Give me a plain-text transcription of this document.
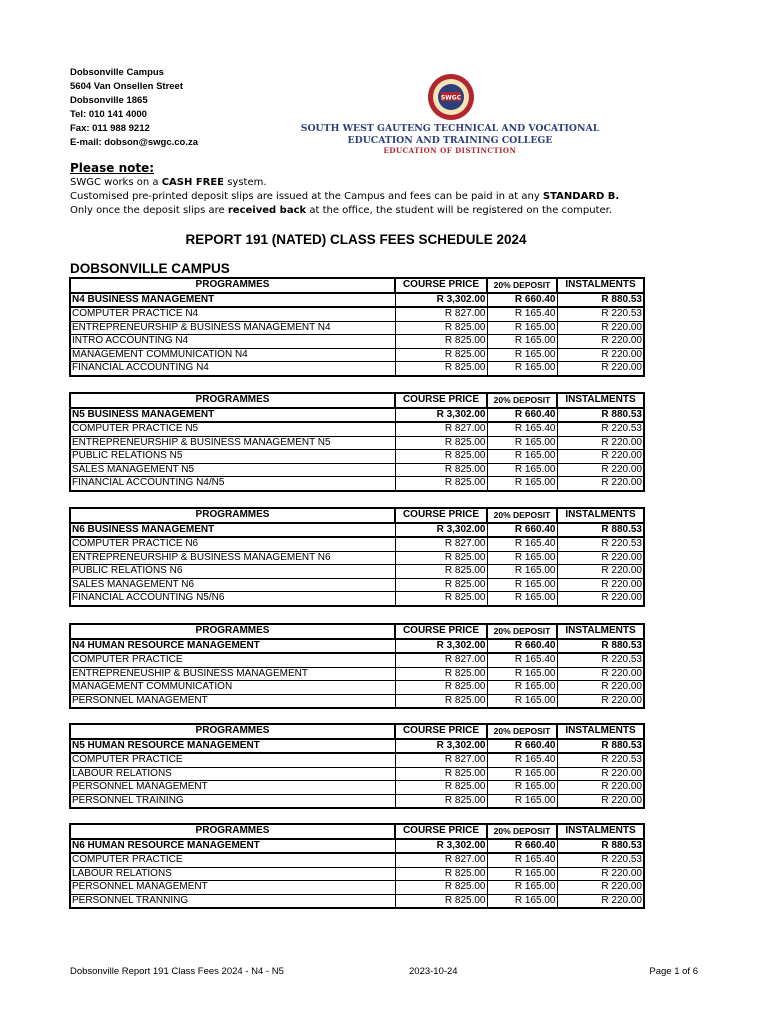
Dobsonville Campus
5604 Van Onsellen Street
Dobsonville 1865
Tel: 010 141 4000
Fax: 011 988 9212
E-mail: dobson@swgc.co.za
SWGC
SOUTH WEST GAUTENG TECHNICAL AND VOCATIONAL
EDUCATION AND TRAINING COLLEGE
EDUCATION OF DISTINCTION
Please note:
SWGC works on a CASH FREE system.
Customised pre-printed deposit slips are issued at the Campus and fees can be paid in at any STANDARD B.
Only once the deposit slips are received back at the office, the student will be registered on the computer.
REPORT 191 (NATED) CLASS FEES SCHEDULE 2024
DOBSONVILLE CAMPUS
PROGRAMMES	COURSE PRICE	20% DEPOSIT	INSTALMENTS
N4 BUSINESS MANAGEMENT	R 3,302.00	R 660.40	R 880.53
COMPUTER PRACTICE N4	R 827.00	R 165.40	R 220.53
ENTREPRENEURSHIP & BUSINESS MANAGEMENT N4	R 825.00	R 165.00	R 220.00
INTRO ACCOUNTING N4	R 825.00	R 165.00	R 220.00
MANAGEMENT COMMUNICATION N4	R 825.00	R 165.00	R 220.00
FINANCIAL ACCOUNTING N4	R 825.00	R 165.00	R 220.00
PROGRAMMES	COURSE PRICE	20% DEPOSIT	INSTALMENTS
N5 BUSINESS MANAGEMENT	R 3,302.00	R 660.40	R 880.53
COMPUTER PRACTICE N5	R 827.00	R 165.40	R 220.53
ENTREPRENEURSHIP & BUSINESS MANAGEMENT N5	R 825.00	R 165.00	R 220.00
PUBLIC RELATIONS N5	R 825.00	R 165.00	R 220.00
SALES MANAGEMENT N5	R 825.00	R 165.00	R 220.00
FINANCIAL ACCOUNTING N4/N5	R 825.00	R 165.00	R 220.00
PROGRAMMES	COURSE PRICE	20% DEPOSIT	INSTALMENTS
N6 BUSINESS MANAGEMENT	R 3,302.00	R 660.40	R 880.53
COMPUTER PRACTICE N6	R 827.00	R 165.40	R 220.53
ENTREPRENEURSHIP & BUSINESS MANAGEMENT N6	R 825.00	R 165.00	R 220.00
PUBLIC RELATIONS N6	R 825.00	R 165.00	R 220.00
SALES MANAGEMENT N6	R 825.00	R 165.00	R 220.00
FINANCIAL ACCOUNTING N5/N6	R 825.00	R 165.00	R 220.00
PROGRAMMES	COURSE PRICE	20% DEPOSIT	INSTALMENTS
N4 HUMAN RESOURCE MANAGEMENT	R 3,302.00	R 660.40	R 880.53
COMPUTER PRACTICE	R 827.00	R 165.40	R 220.53
ENTREPRENEUSHIP & BUSINESS MANAGEMENT	R 825.00	R 165.00	R 220.00
MANAGEMENT COMMUNICATION	R 825.00	R 165.00	R 220.00
PERSONNEL MANAGEMENT	R 825.00	R 165.00	R 220.00
PROGRAMMES	COURSE PRICE	20% DEPOSIT	INSTALMENTS
N5 HUMAN RESOURCE MANAGEMENT	R 3,302.00	R 660.40	R 880.53
COMPUTER PRACTICE	R 827.00	R 165.40	R 220.53
LABOUR RELATIONS	R 825.00	R 165.00	R 220.00
PERSONNEL MANAGEMENT	R 825.00	R 165.00	R 220.00
PERSONNEL TRAINING	R 825.00	R 165.00	R 220.00
PROGRAMMES	COURSE PRICE	20% DEPOSIT	INSTALMENTS
N6 HUMAN RESOURCE MANAGEMENT	R 3,302.00	R 660.40	R 880.53
COMPUTER PRACTICE	R 827.00	R 165.40	R 220.53
LABOUR RELATIONS	R 825.00	R 165.00	R 220.00
PERSONNEL MANAGEMENT	R 825.00	R 165.00	R 220.00
PERSONNEL TRANNING	R 825.00	R 165.00	R 220.00
Dobsonville Report 191 Class Fees 2024 - N4 - N5	2023-10-24	Page 1 of 6
